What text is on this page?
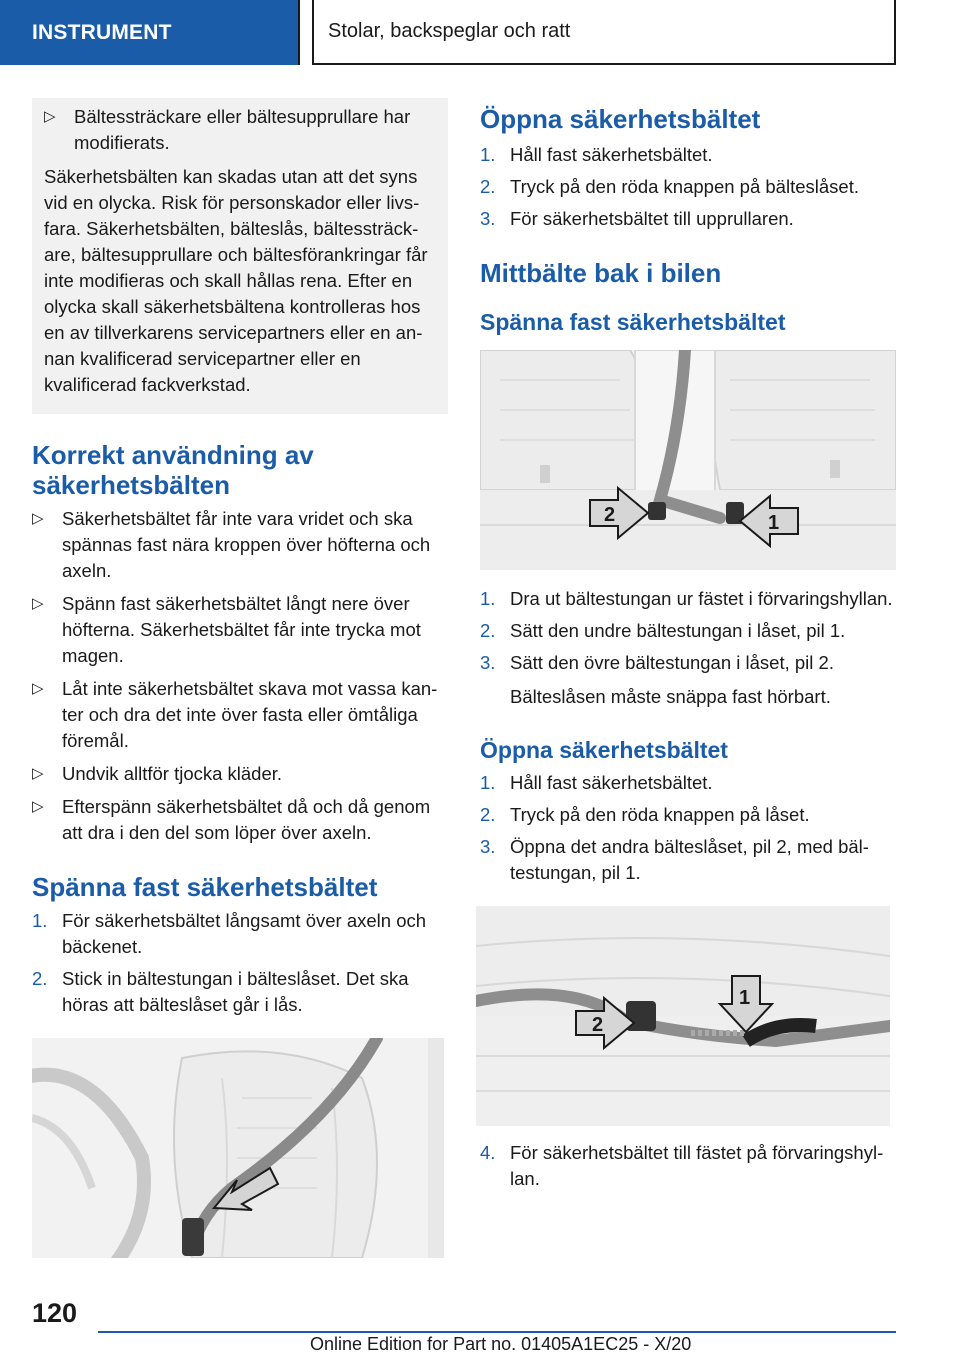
INSTRUMENT	Stolar, backspeglar och ratt
▷ Bältessträckare eller bältesupprullare har modifierats.

Säkerhetsbälten kan skadas utan att det syns vid en olycka. Risk för personskador eller livsfara. Säkerhetsbälten, bälteslås, bältessträckare, bältesupprullare och bältesförankringar får inte modifieras och skall hållas rena. Efter en olycka skall säkerhetsbältena kontrolleras hos en av tillverkarens servicepartners eller en annan kvalificerad servicepartner eller en kvalificerad fackverkstad.

Korrekt användning av säkerhetsbälten
▷ Säkerhetsbältet får inte vara vridet och ska spännas fast nära kroppen över höfterna och axeln.
▷ Spänn fast säkerhetsbältet långt nere över höfterna. Säkerhetsbältet får inte trycka mot magen.
▷ Låt inte säkerhetsbältet skava mot vassa kanter och dra det inte över fasta eller ömtåliga föremål.
▷ Undvik alltför tjocka kläder.
▷ Efterspänn säkerhetsbältet då och då genom att dra i den del som löper över axeln.
Spänna fast säkerhetsbältet
1. För säkerhetsbältet långsamt över axeln och bäckenet.
2. Stick in bältestungan i bälteslåset. Det ska höras att bälteslåset går i lås.
Öppna säkerhetsbältet
1. Håll fast säkerhetsbältet.
2. Tryck på den röda knappen på bälteslåset.
3. För säkerhetsbältet till upprullaren.
Mittbälte bak i bilen
Spänna fast säkerhetsbältet
2	1
1. Dra ut bältestungan ur fästet i förvaringshyllan.
2. Sätt den undre bältestungan i låset, pil 1.
3. Sätt den övre bältestungan i låset, pil 2.
Bälteslåsen måste snäppa fast hörbart.
Öppna säkerhetsbältet
1. Håll fast säkerhetsbältet.
2. Tryck på den röda knappen på låset.
3. Öppna det andra bälteslåset, pil 2, med bältestungan, pil 1.
2
1
4. För säkerhetsbältet till fästet på förvaringshyllan.
120
Online Edition for Part no. 01405A1EC25 - X/20
